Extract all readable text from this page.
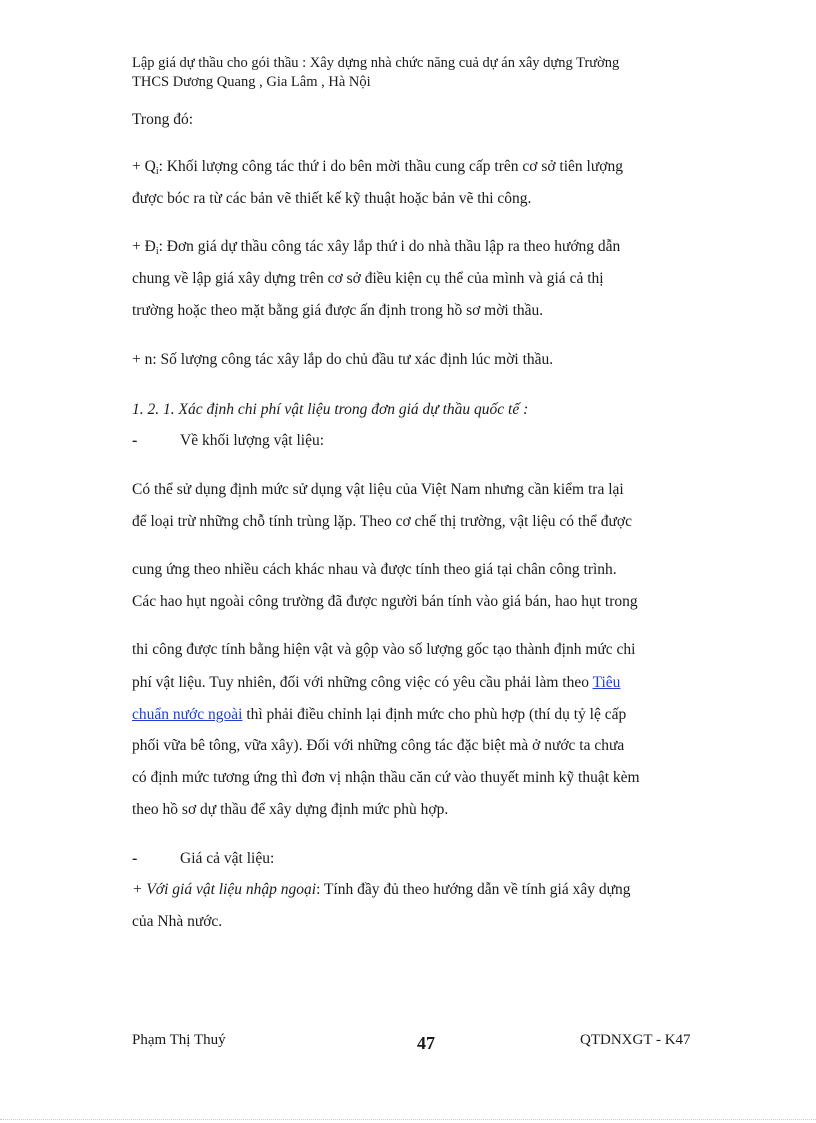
Lập giá dự thầu cho gói thầu : Xây dựng nhà chức năng cuả dự án xây dựng Trường
THCS Dương Quang , Gia Lâm , Hà Nội
Trong đó:
+ $Q_i$: Khối lượng công tác thứ i do bên mời thầu cung cấp trên cơ sở tiên lượng
được bóc ra từ các bản vẽ thiết kế kỹ thuật hoặc bản vẽ thi công.
+ $Đ_i$: Đơn giá dự thầu công tác xây lắp thứ i do nhà thầu lập ra theo hướng dẫn
chung về lập giá xây dựng trên cơ sở điều kiện cụ thể của mình và giá cả thị
trường hoặc theo mặt bằng giá được ấn định trong hồ sơ mời thầu.
+ n: Số lượng công tác xây lắp do chủ đầu tư xác định lúc mời thầu.
1. 2. 1. Xác định chi phí vật liệu trong đơn giá dự thầu quốc tế :
-	Về khối lượng vật liệu:
Có thể sử dụng định mức sử dụng vật liệu của Việt Nam nhưng cần kiểm tra lại
để loại trừ những chỗ tính trùng lặp. Theo cơ chế thị trường, vật liệu có thể được
cung ứng theo nhiều cách khác nhau và được tính theo giá tại chân công trình.
Các hao hụt ngoài công trường đã được người bán tính vào giá bán, hao hụt trong
thi công được tính bằng hiện vật và gộp vào số lượng gốc tạo thành định mức chi
phí vật liệu. Tuy nhiên, đối với những công việc có yêu cầu phải làm theo Tiêu
chuẩn nước ngoài thì phải điều chỉnh lại định mức cho phù hợp (thí dụ tỷ lệ cấp
phối vữa bê tông, vữa xây). Đối với những công tác đặc biệt mà ở nước ta chưa
có định mức tương ứng thì đơn vị nhận thầu căn cứ vào thuyết minh kỹ thuật kèm
theo hồ sơ dự thầu để xây dựng định mức phù hợp.
-	Giá cả vật liệu:
+ Với giá vật liệu nhập ngoại: Tính đầy đủ theo hướng dẫn về tính giá xây dựng
của Nhà nước.
Phạm Thị Thuý	47	QTDNXGT - K47
